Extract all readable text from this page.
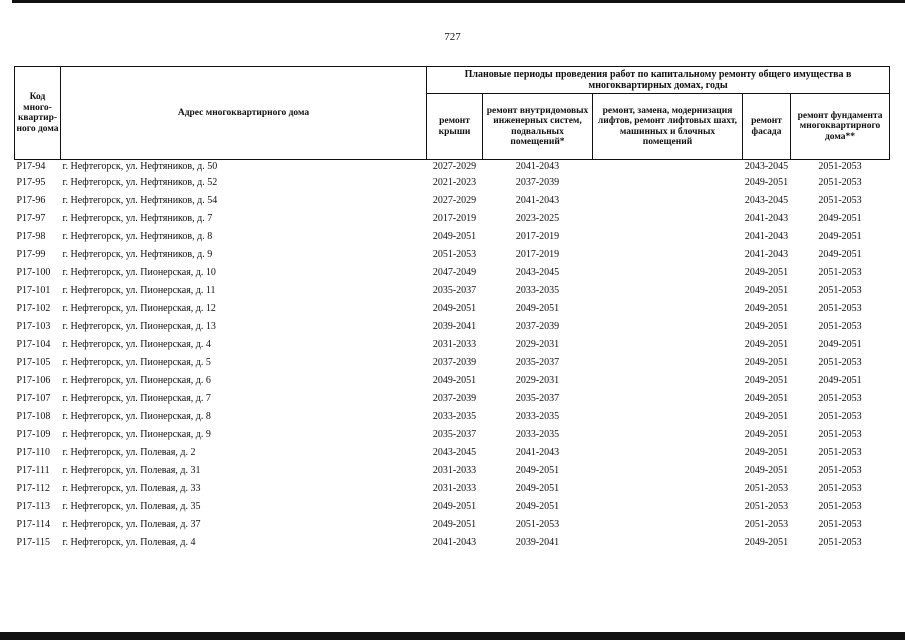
727
Код много-квартир-ного дома	Адрес многоквартирного дома	Плановые периоды проведения работ по капитальному ремонту общего имущества в многоквартирных домах, годы				
		ремонт крыши	ремонт внутридомовых инженерных систем, подвальных помещений*	ремонт, замена, модернизация лифтов, ремонт лифтовых шахт, машинных и блочных помещений	ремонт фасада	ремонт фундамента многоквартирного дома**
Р17-94	г. Нефтегорск, ул. Нефтяников, д. 50	2027-2029	2041-2043		2043-2045	2051-2053
Р17-95	г. Нефтегорск, ул. Нефтяников, д. 52	2021-2023	2037-2039		2049-2051	2051-2053
Р17-96	г. Нефтегорск, ул. Нефтяников, д. 54	2027-2029	2041-2043		2043-2045	2051-2053
Р17-97	г. Нефтегорск, ул. Нефтяников, д. 7	2017-2019	2023-2025		2041-2043	2049-2051
Р17-98	г. Нефтегорск, ул. Нефтяников, д. 8	2049-2051	2017-2019		2041-2043	2049-2051
Р17-99	г. Нефтегорск, ул. Нефтяников, д. 9	2051-2053	2017-2019		2041-2043	2049-2051
Р17-100	г. Нефтегорск, ул. Пионерская, д. 10	2047-2049	2043-2045		2049-2051	2051-2053
Р17-101	г. Нефтегорск, ул. Пионерская, д. 11	2035-2037	2033-2035		2049-2051	2051-2053
Р17-102	г. Нефтегорск, ул. Пионерская, д. 12	2049-2051	2049-2051		2049-2051	2051-2053
Р17-103	г. Нефтегорск, ул. Пионерская, д. 13	2039-2041	2037-2039		2049-2051	2051-2053
Р17-104	г. Нефтегорск, ул. Пионерская, д. 4	2031-2033	2029-2031		2049-2051	2049-2051
Р17-105	г. Нефтегорск, ул. Пионерская, д. 5	2037-2039	2035-2037		2049-2051	2051-2053
Р17-106	г. Нефтегорск, ул. Пионерская, д. 6	2049-2051	2029-2031		2049-2051	2049-2051
Р17-107	г. Нефтегорск, ул. Пионерская, д. 7	2037-2039	2035-2037		2049-2051	2051-2053
Р17-108	г. Нефтегорск, ул. Пионерская, д. 8	2033-2035	2033-2035		2049-2051	2051-2053
Р17-109	г. Нефтегорск, ул. Пионерская, д. 9	2035-2037	2033-2035		2049-2051	2051-2053
Р17-110	г. Нефтегорск, ул. Полевая, д. 2	2043-2045	2041-2043		2049-2051	2051-2053
Р17-111	г. Нефтегорск, ул. Полевая, д. 31	2031-2033	2049-2051		2049-2051	2051-2053
Р17-112	г. Нефтегорск, ул. Полевая, д. 33	2031-2033	2049-2051		2051-2053	2051-2053
Р17-113	г. Нефтегорск, ул. Полевая, д. 35	2049-2051	2049-2051		2051-2053	2051-2053
Р17-114	г. Нефтегорск, ул. Полевая, д. 37	2049-2051	2051-2053		2051-2053	2051-2053
Р17-115	г. Нефтегорск, ул. Полевая, д. 4	2041-2043	2039-2041		2049-2051	2051-2053
